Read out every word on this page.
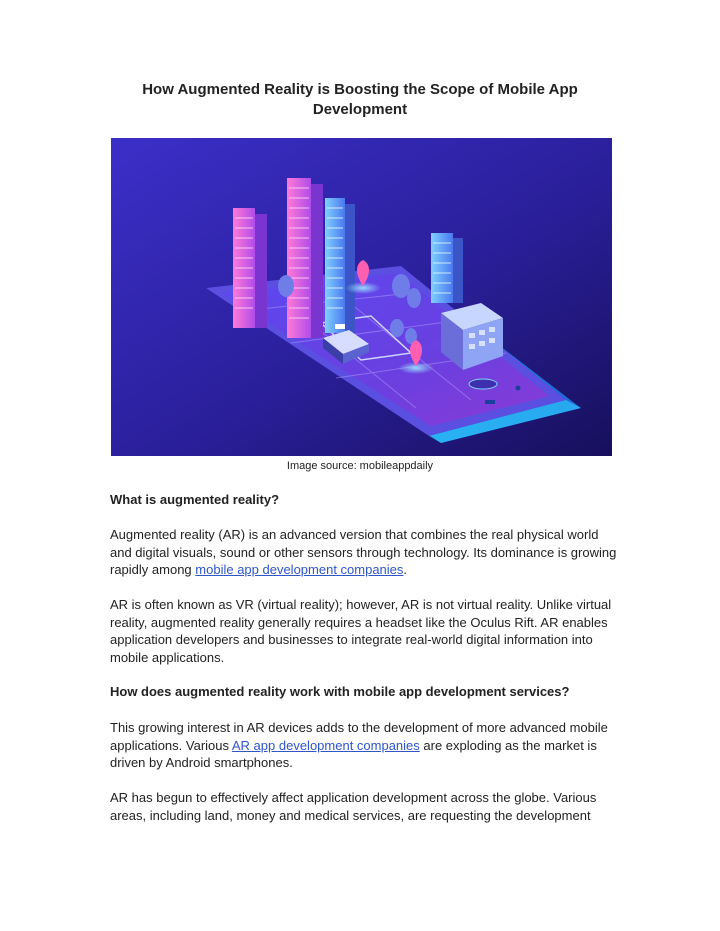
How Augmented Reality is Boosting the Scope of Mobile App Development
Image source: mobileappdaily
What is augmented reality?
Augmented reality (AR) is an advanced version that combines the real physical world and digital visuals, sound or other sensors through technology. Its dominance is growing rapidly among mobile app development companies.
AR is often known as VR (virtual reality); however, AR is not virtual reality. Unlike virtual reality, augmented reality generally requires a headset like the Oculus Rift. AR enables application developers and businesses to integrate real-world digital information into mobile applications.
How does augmented reality work with mobile app development services?
This growing interest in AR devices adds to the development of more advanced mobile applications. Various AR app development companies are exploding as the market is driven by Android smartphones.
AR has begun to effectively affect application development across the globe. Various areas, including land, money and medical services, are requesting the development
